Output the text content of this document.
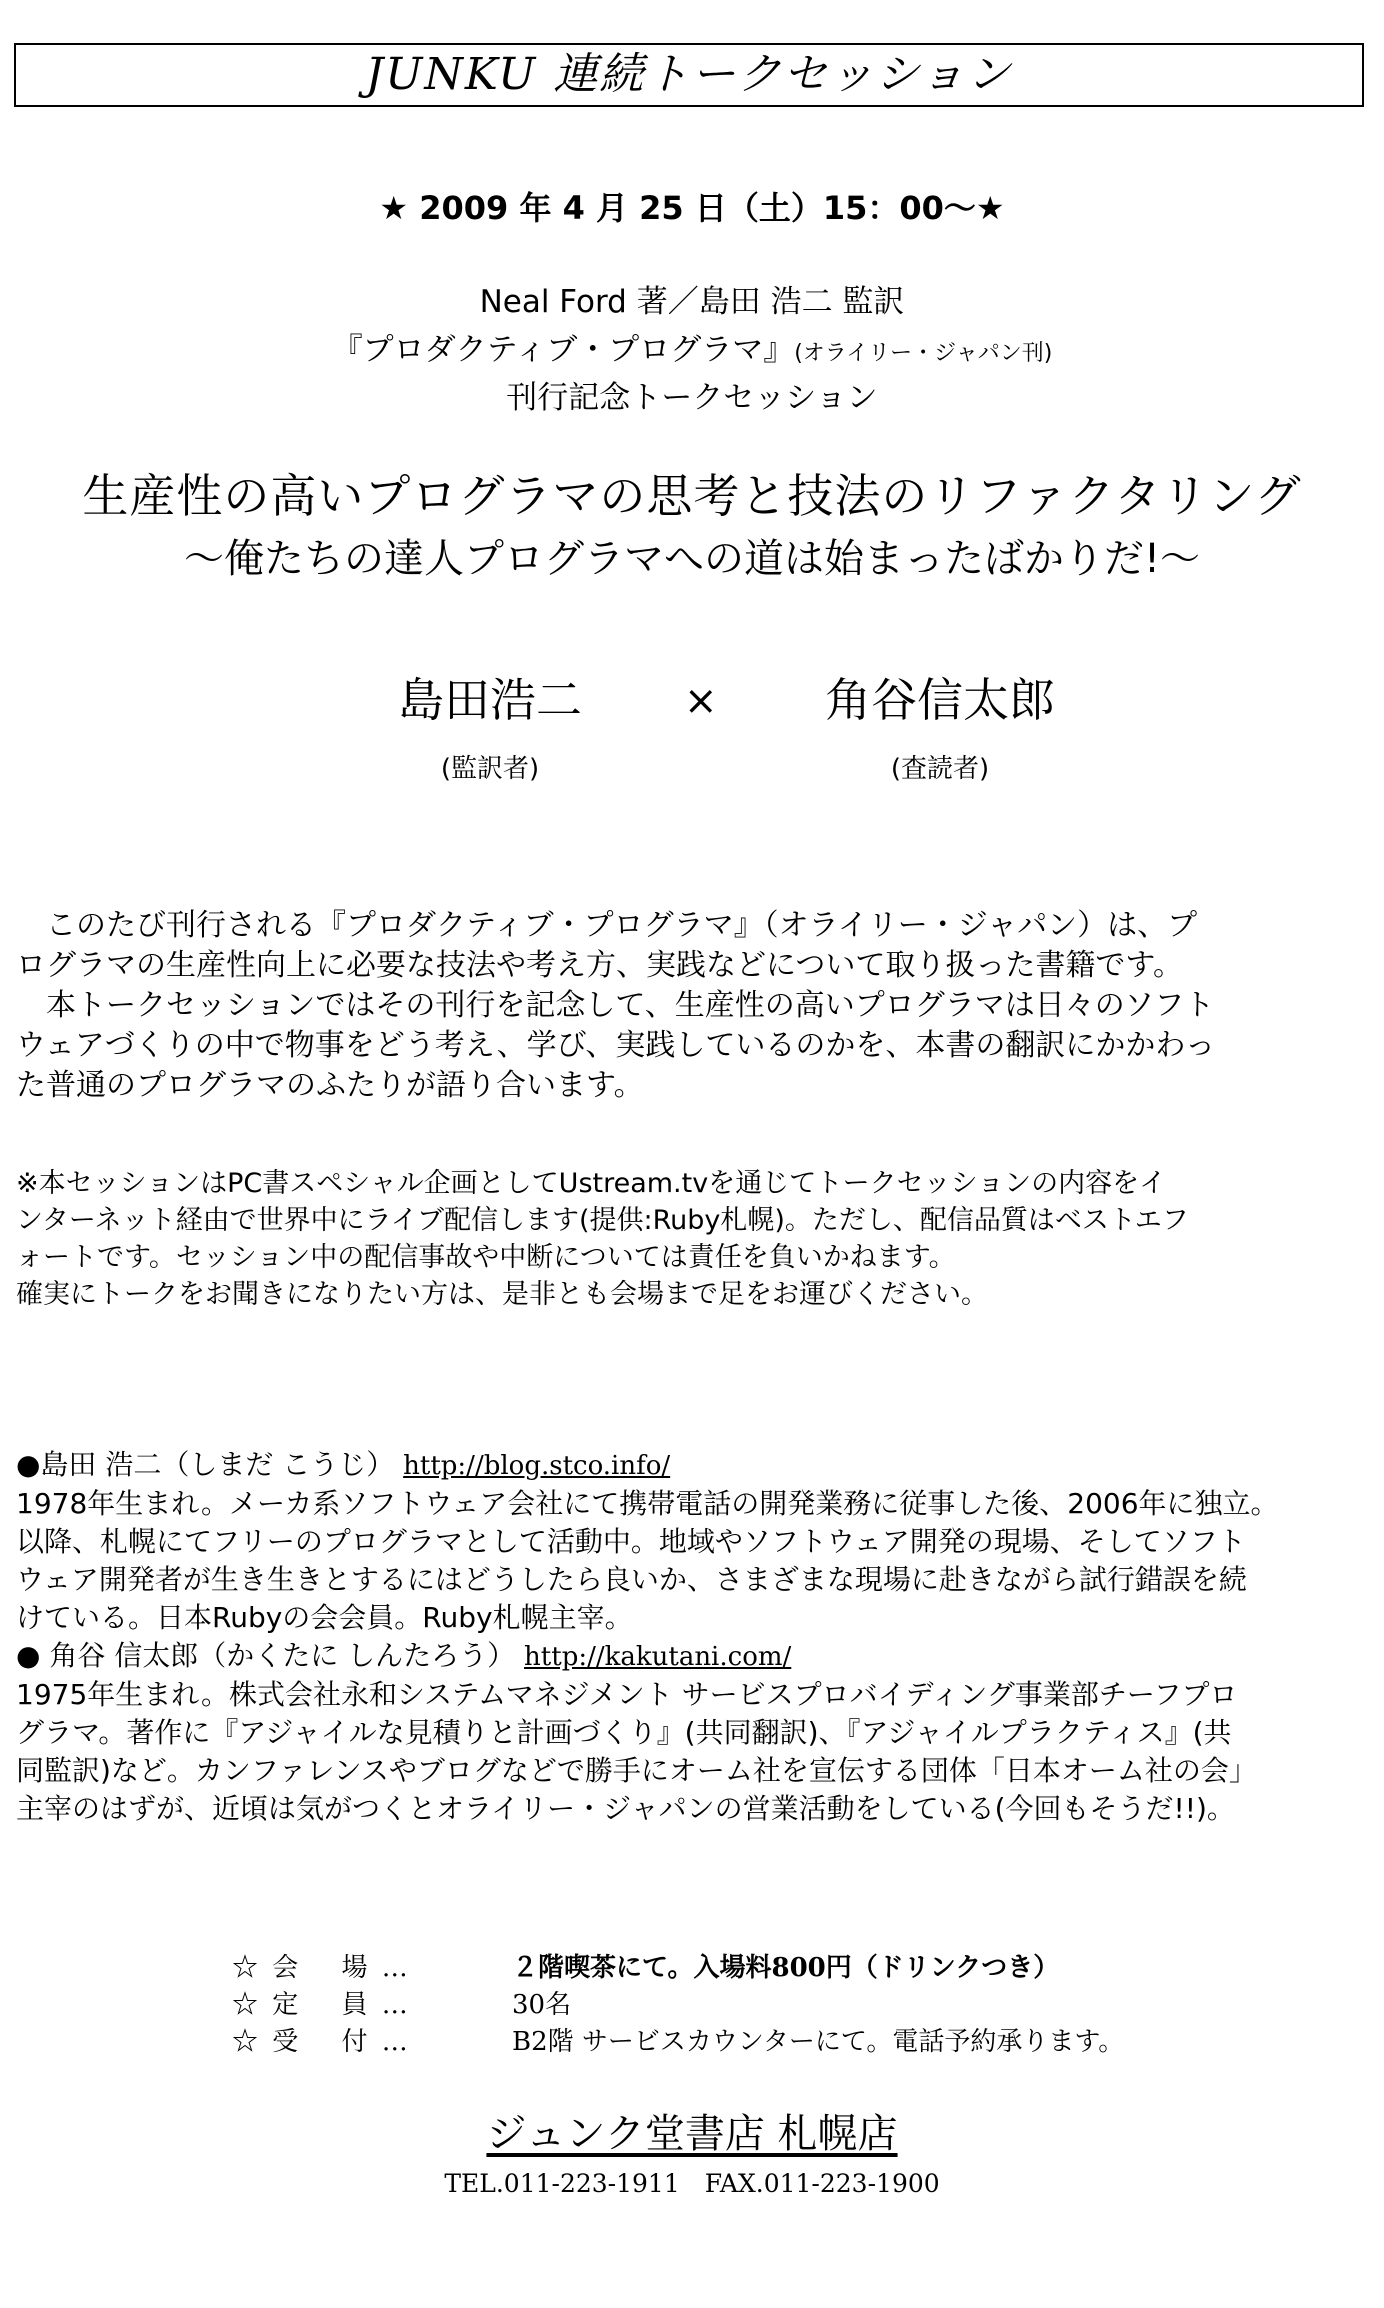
JUNKU 連続トークセッション
★ 2009 年 4 月 25 日（土）15：00〜★
Neal Ford 著／島田 浩二 監訳
『プロダクティブ・プログラマ』(オライリー・ジャパン刊)
刊行記念トークセッション
生産性の高いプログラマの思考と技法のリファクタリング
〜俺たちの達人プログラマへの道は始まったばかりだ!〜
島田浩二
(監訳者)
×	角谷信太郎
(査読者)

　このたび刊行される『プロダクティブ・プログラマ』（オライリー・ジャパン）は、プ

ログラマの生産性向上に必要な技法や考え方、実践などについて取り扱った書籍です。

　本トークセッションではその刊行を記念して、生産性の高いプログラマは日々のソフト

ウェアづくりの中で物事をどう考え、学び、実践しているのかを、本書の翻訳にかかわっ

た普通のプログラマのふたりが語り合います。

※本セッションはPC書スペシャル企画としてUstream.tvを通じてトークセッションの内容をイ

ンターネット経由で世界中にライブ配信します(提供:Ruby札幌)。ただし、配信品質はベストエフ

ォートです。セッション中の配信事故や中断については責任を負いかねます。

確実にトークをお聞きになりたい方は、是非とも会場まで足をお運びください。

●島田 浩二（しまだ こうじ） http://blog.stco.info/

1978年生まれ。メーカ系ソフトウェア会社にて携帯電話の開発業務に従事した後、2006年に独立。

以降、札幌にてフリーのプログラマとして活動中。地域やソフトウェア開発の現場、そしてソフト

ウェア開発者が生き生きとするにはどうしたら良いか、さまざまな現場に赴きながら試行錯誤を続

けている。日本Rubyの会会員。Ruby札幌主宰。

● 角谷 信太郎（かくたに しんたろう） http://kakutani.com/

1975年生まれ。株式会社永和システムマネジメント サービスプロバイディング事業部チーフプロ

グラマ。著作に『アジャイルな見積りと計画づくり』(共同翻訳)、『アジャイルプラクティス』(共

同監訳)など。カンファレンスやブログなどで勝手にオーム社を宣伝する団体「日本オーム社の会」

主宰のはずが、近頃は気がつくとオライリー・ジャパンの営業活動をしている(今回もそうだ!!)。

☆ 会　 場 …	２階喫茶にて。入場料800円（ドリンクつき）
☆ 定　 員 …	30名
☆ 受　 付 …	B2階 サービスカウンターにて。電話予約承ります。
ジュンク堂書店 札幌店
TEL.011-223-1911　FAX.011-223-1900
